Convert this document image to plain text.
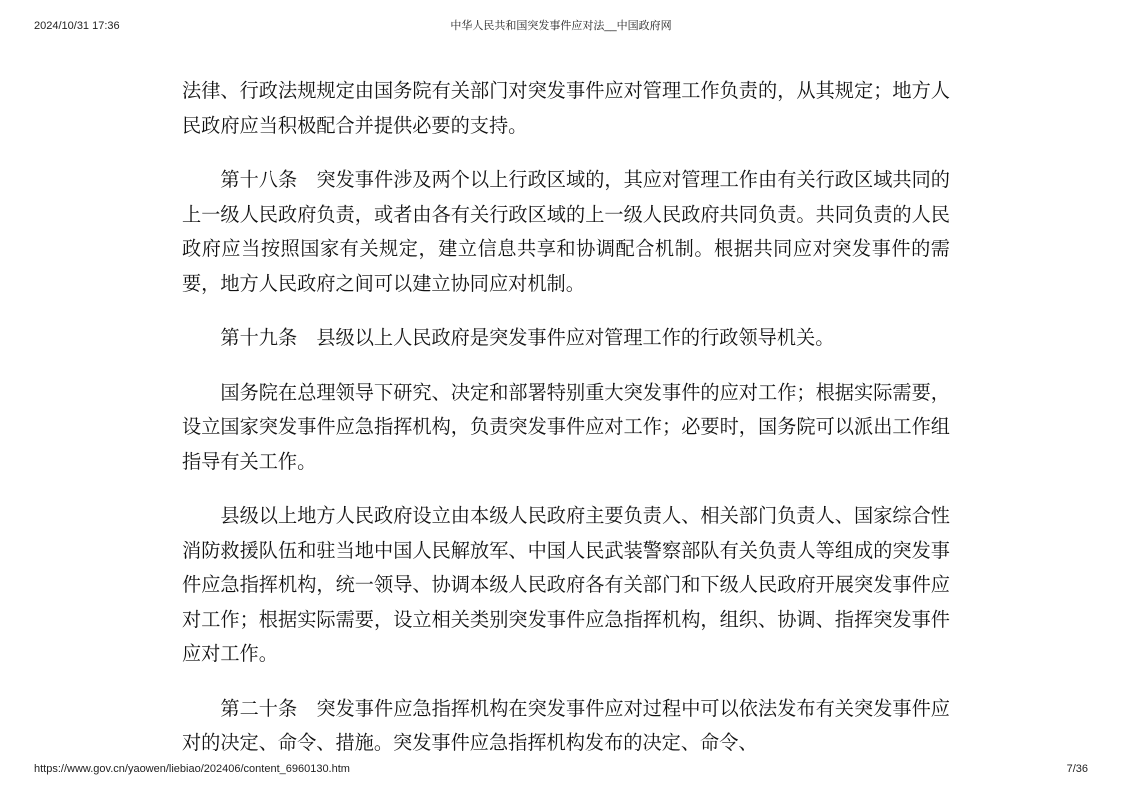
2024/10/31 17:36	中华人民共和国突发事件应对法__中国政府网

法律、行政法规规定由国务院有关部门对突发事件应对管理工作负责的，从其规定；地方人民政府应当积极配合并提供必要的支持。

第十八条　突发事件涉及两个以上行政区域的，其应对管理工作由有关行政区域共同的上一级人民政府负责，或者由各有关行政区域的上一级人民政府共同负责。共同负责的人民政府应当按照国家有关规定，建立信息共享和协调配合机制。根据共同应对突发事件的需要，地方人民政府之间可以建立协同应对机制。

第十九条　县级以上人民政府是突发事件应对管理工作的行政领导机关。

国务院在总理领导下研究、决定和部署特别重大突发事件的应对工作；根据实际需要，设立国家突发事件应急指挥机构，负责突发事件应对工作；必要时，国务院可以派出工作组指导有关工作。

县级以上地方人民政府设立由本级人民政府主要负责人、相关部门负责人、国家综合性消防救援队伍和驻当地中国人民解放军、中国人民武装警察部队有关负责人等组成的突发事件应急指挥机构，统一领导、协调本级人民政府各有关部门和下级人民政府开展突发事件应对工作；根据实际需要，设立相关类别突发事件应急指挥机构，组织、协调、指挥突发事件应对工作。

第二十条　突发事件应急指挥机构在突发事件应对过程中可以依法发布有关突发事件应对的决定、命令、措施。突发事件应急指挥机构发布的决定、命令、

https://www.gov.cn/yaowen/liebiao/202406/content_6960130.htm	7/36
